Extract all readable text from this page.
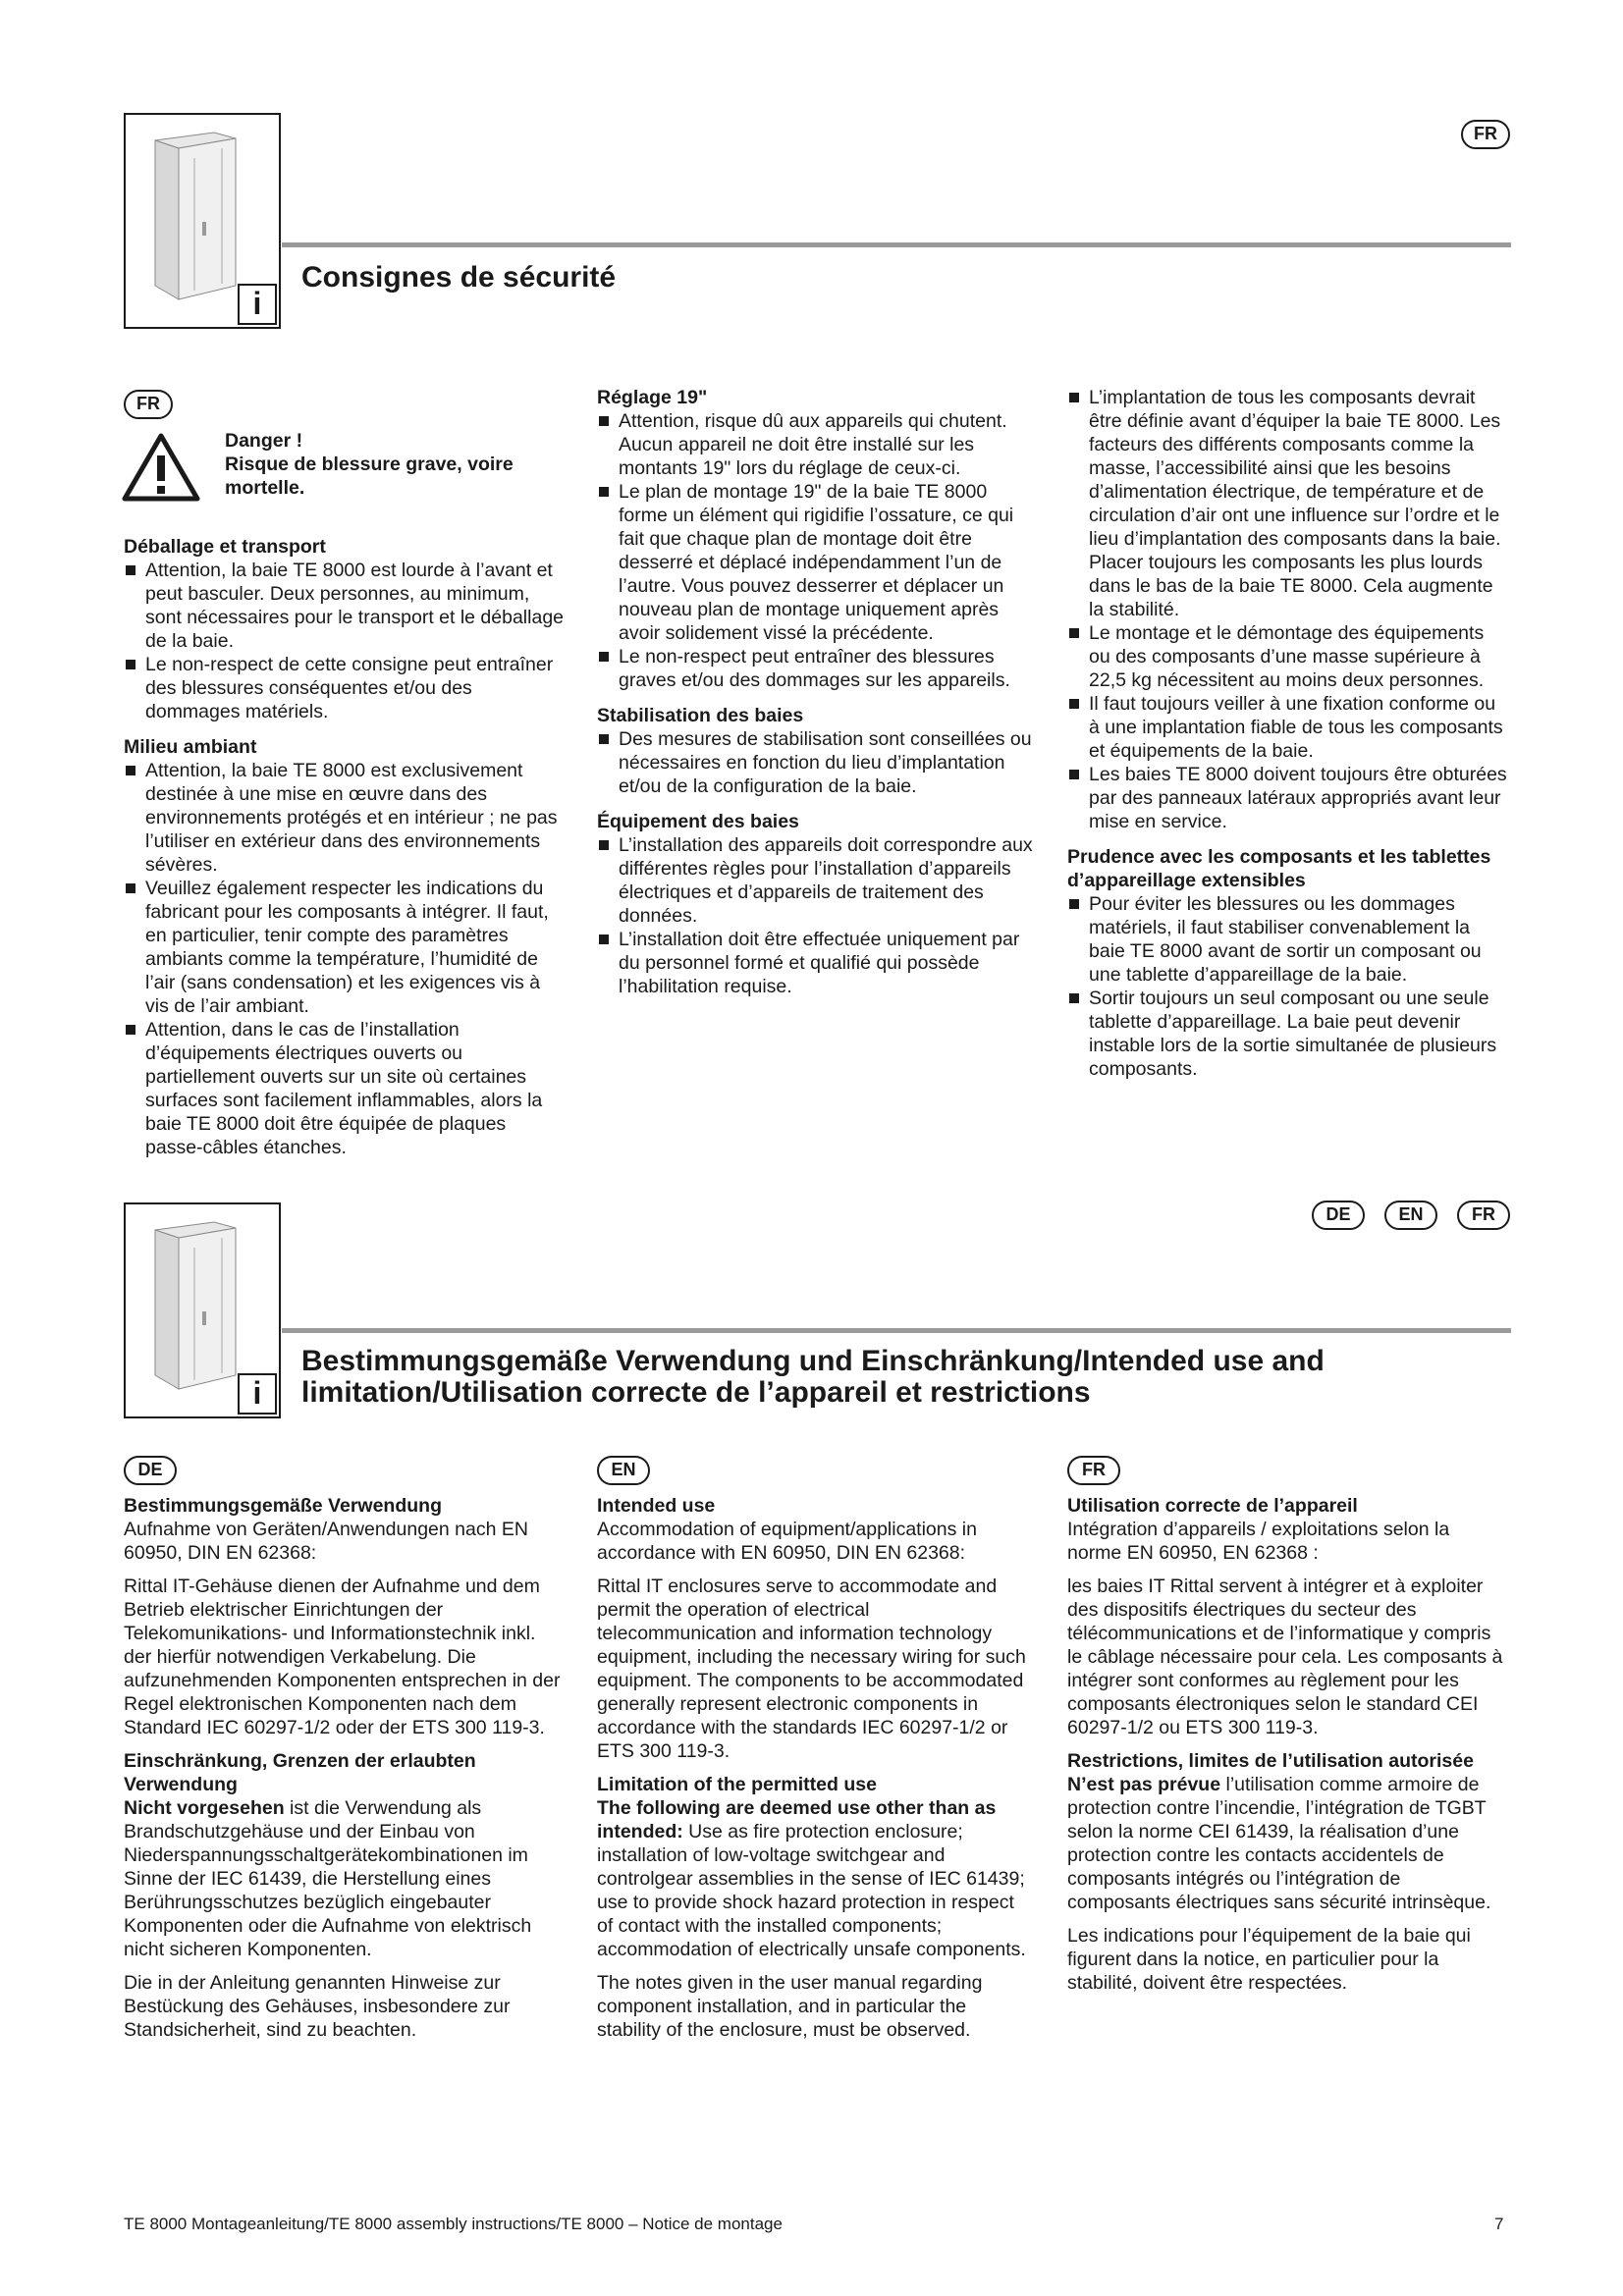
FR
i
Consignes de sécurité
FR
Danger !
Risque de blessure grave, voire mortelle.
Déballage et transport
Attention, la baie TE 8000 est lourde à l’avant et peut basculer. Deux personnes, au minimum, sont nécessaires pour le transport et le déballage de la baie.
Le non-respect de cette consigne peut entraîner des blessures conséquentes et/ou des dommages matériels.
Milieu ambiant
Attention, la baie TE 8000 est exclusivement destinée à une mise en œuvre dans des environnements protégés et en intérieur ; ne pas l’utiliser en extérieur dans des environnements sévères.
Veuillez également respecter les indications du fabricant pour les composants à intégrer. Il faut, en particulier, tenir compte des paramètres ambiants comme la température, l’humidité de l’air (sans condensation) et les exigences vis à vis de l’air ambiant.
Attention, dans le cas de l’installation d’équipements électriques ouverts ou partiellement ouverts sur un site où certaines surfaces sont facilement inflammables, alors la baie TE 8000 doit être équipée de plaques passe-câbles étanches.
Réglage 19"
Attention, risque dû aux appareils qui chutent. Aucun appareil ne doit être installé sur les montants 19" lors du réglage de ceux-ci.
Le plan de montage 19" de la baie TE 8000 forme un élément qui rigidifie l’ossature, ce qui fait que chaque plan de montage doit être desserré et déplacé indépendamment l’un de l’autre. Vous pouvez desserrer et déplacer un nouveau plan de montage uniquement après avoir solidement vissé la précédente.
Le non-respect peut entraîner des blessures graves et/ou des dommages sur les appareils.
Stabilisation des baies
Des mesures de stabilisation sont conseillées ou nécessaires en fonction du lieu d’implantation et/ou de la configuration de la baie.
Équipement des baies
L’installation des appareils doit correspondre aux différentes règles pour l’installation d’appareils électriques et d’appareils de traitement des données.
L’installation doit être effectuée uniquement par du personnel formé et qualifié qui possède l’habilitation requise.
L’implantation de tous les composants devrait être définie avant d’équiper la baie TE 8000. Les facteurs des différents composants comme la masse, l’accessibilité ainsi que les besoins d’alimentation électrique, de température et de circulation d’air ont une influence sur l’ordre et le lieu d’implantation des composants dans la baie.
Placer toujours les composants les plus lourds dans le bas de la baie TE 8000. Cela augmente la stabilité.
Le montage et le démontage des équipements ou des composants d’une masse supérieure à 22,5 kg nécessitent au moins deux personnes.
Il faut toujours veiller à une fixation conforme ou à une implantation fiable de tous les composants et équipements de la baie.
Les baies TE 8000 doivent toujours être obturées par des panneaux latéraux appropriés avant leur mise en service.
Prudence avec les composants et les tablettes d’appareillage extensibles
Pour éviter les blessures ou les dommages matériels, il faut stabiliser convenablement la baie TE 8000 avant de sortir un composant ou une tablette d’appareillage de la baie.
Sortir toujours un seul composant ou une seule tablette d’appareillage. La baie peut devenir instable lors de la sortie simultanée de plusieurs composants.
DE	EN	FR
i
Bestimmungsgemäße Verwendung und Einschränkung/Intended use and
limitation/Utilisation correcte de l’appareil et restrictions
DE	EN	FR
Bestimmungsgemäße Verwendung

Aufnahme von Geräten/Anwendungen nach EN 60950, DIN EN 62368:

Rittal IT-Gehäuse dienen der Aufnahme und dem Betrieb elektrischer Einrichtungen der Telekomunikations- und Informationstechnik inkl. der hierfür notwendigen Verkabelung. Die aufzunehmenden Komponenten entsprechen in der Regel elektronischen Komponenten nach dem Standard IEC 60297-1/2 oder der ETS 300 119-3.

Einschränkung, Grenzen der erlaubten Verwendung

Nicht vorgesehen ist die Verwendung als Brandschutzgehäuse und der Einbau von Niederspannungsschaltgerätekombinationen im Sinne der IEC 61439, die Herstellung eines Berührungsschutzes bezüglich eingebauter Komponenten oder die Aufnahme von elektrisch nicht sicheren Komponenten.

Die in der Anleitung genannten Hinweise zur Bestückung des Gehäuses, insbesondere zur Standsicherheit, sind zu beachten.

Intended use

Accommodation of equipment/applications in accordance with EN 60950, DIN EN 62368:

Rittal IT enclosures serve to accommodate and permit the operation of electrical telecommunication and information technology equipment, including the necessary wiring for such equipment. The components to be accommodated generally represent electronic components in accordance with the standards IEC 60297-1/2 or ETS 300 119-3.

Limitation of the permitted use

The following are deemed use other than as intended: Use as fire protection enclosure; installation of low-voltage switchgear and controlgear assemblies in the sense of IEC 61439; use to provide shock hazard protection in respect of contact with the installed components; accommodation of electrically unsafe components.

The notes given in the user manual regarding component installation, and in particular the stability of the enclosure, must be observed.

Utilisation correcte de l’appareil

Intégration d’appareils / exploitations selon la norme EN 60950, EN 62368 :

les baies IT Rittal servent à intégrer et à exploiter des dispositifs électriques du secteur des télécommunications et de l’informatique y compris le câblage nécessaire pour cela. Les composants à intégrer sont conformes au règlement pour les composants électroniques selon le standard CEI 60297-1/2 ou ETS 300 119-3.

Restrictions, limites de l’utilisation autorisée

N’est pas prévue l’utilisation comme armoire de protection contre l’incendie, l’intégration de TGBT selon la norme CEI 61439, la réalisation d’une protection contre les contacts accidentels de composants intégrés ou l’intégration de composants électriques sans sécurité intrinsèque.

Les indications pour l’équipement de la baie qui figurent dans la notice, en particulier pour la stabilité, doivent être respectées.

TE 8000 Montageanleitung/TE 8000 assembly instructions/TE 8000 – Notice de montage	7
